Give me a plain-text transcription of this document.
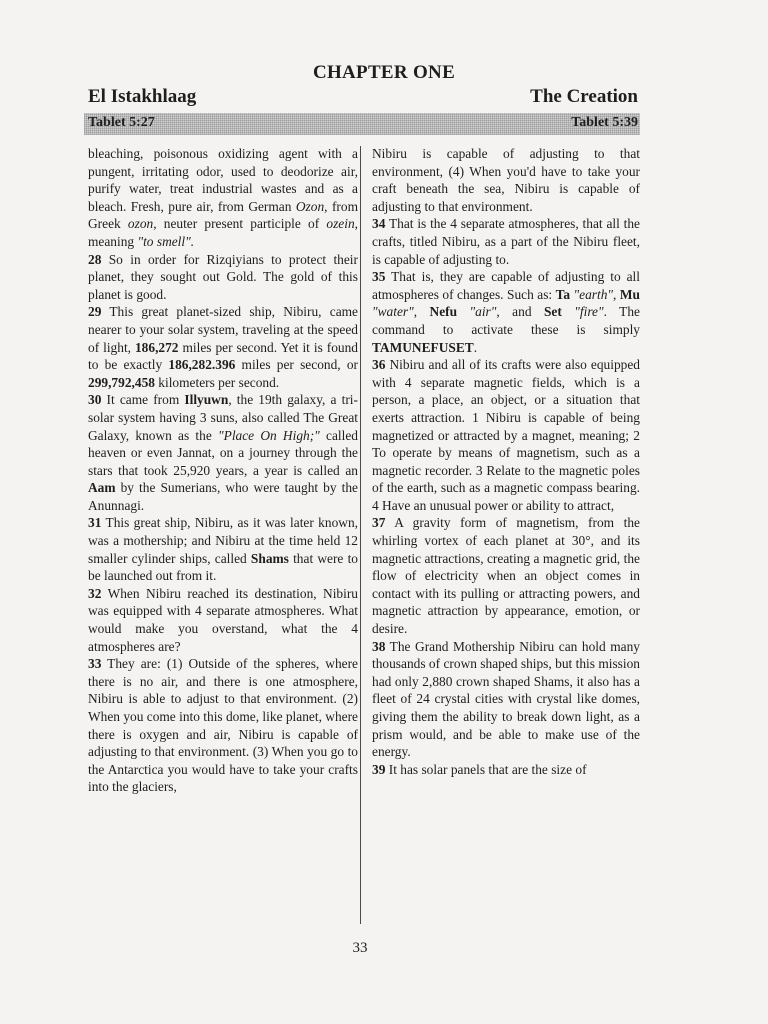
CHAPTER ONE
El Istakhlaag	The Creation
Tablet 5:27	Tablet 5:39

bleaching, poisonous oxidizing agent with a pungent, irritating odor, used to deodorize air, purify water, treat industrial wastes and as a bleach. Fresh, pure air, from German Ozon, from Greek ozon, neuter present participle of ozein, meaning "to smell".

28 So in order for Rizqiyians to protect their planet, they sought out Gold. The gold of this planet is good.

29 This great planet-sized ship, Nibiru, came nearer to your solar system, traveling at the speed of light, 186,272 miles per second. Yet it is found to be exactly 186,282.396 miles per second, or 299,792,458 kilometers per second.

30 It came from Illyuwn, the 19th galaxy, a tri-solar system having 3 suns, also called The Great Galaxy, known as the "Place On High;" called heaven or even Jannat, on a journey through the stars that took 25,920 years, a year is called an Aam by the Sumerians, who were taught by the Anunnagi.

31 This great ship, Nibiru, as it was later known, was a mothership; and Nibiru at the time held 12 smaller cylinder ships, called Shams that were to be launched out from it.

32 When Nibiru reached its destination, Nibiru was equipped with 4 separate atmospheres. What would make you overstand, what the 4 atmospheres are?

33 They are: (1) Outside of the spheres, where there is no air, and there is one atmosphere, Nibiru is able to adjust to that environment. (2) When you come into this dome, like planet, where there is oxygen and air, Nibiru is capable of adjusting to that environment. (3) When you go to the Antarctica you would have to take your crafts into the glaciers,

Nibiru is capable of adjusting to that environment, (4) When you'd have to take your craft beneath the sea, Nibiru is capable of adjusting to that environment.

34 That is the 4 separate atmospheres, that all the crafts, titled Nibiru, as a part of the Nibiru fleet, is capable of adjusting to.

35 That is, they are capable of adjusting to all atmospheres of changes. Such as: Ta "earth", Mu "water", Nefu "air", and Set "fire". The command to activate these is simply TAMUNEFUSET.

36 Nibiru and all of its crafts were also equipped with 4 separate magnetic fields, which is a person, a place, an object, or a situation that exerts attraction. 1 Nibiru is capable of being magnetized or attracted by a magnet, meaning; 2 To operate by means of magnetism, such as a magnetic recorder. 3 Relate to the magnetic poles of the earth, such as a magnetic compass bearing. 4 Have an unusual power or ability to attract,

37 A gravity form of magnetism, from the whirling vortex of each planet at 30°, and its magnetic attractions, creating a magnetic grid, the flow of electricity when an object comes in contact with its pulling or attracting powers, and magnetic attraction by appearance, emotion, or desire.

38 The Grand Mothership Nibiru can hold many thousands of crown shaped ships, but this mission had only 2,880 crown shaped Shams, it also has a fleet of 24 crystal cities with crystal like domes, giving them the ability to break down light, as a prism would, and be able to make use of the energy.

39 It has solar panels that are the size of

33
